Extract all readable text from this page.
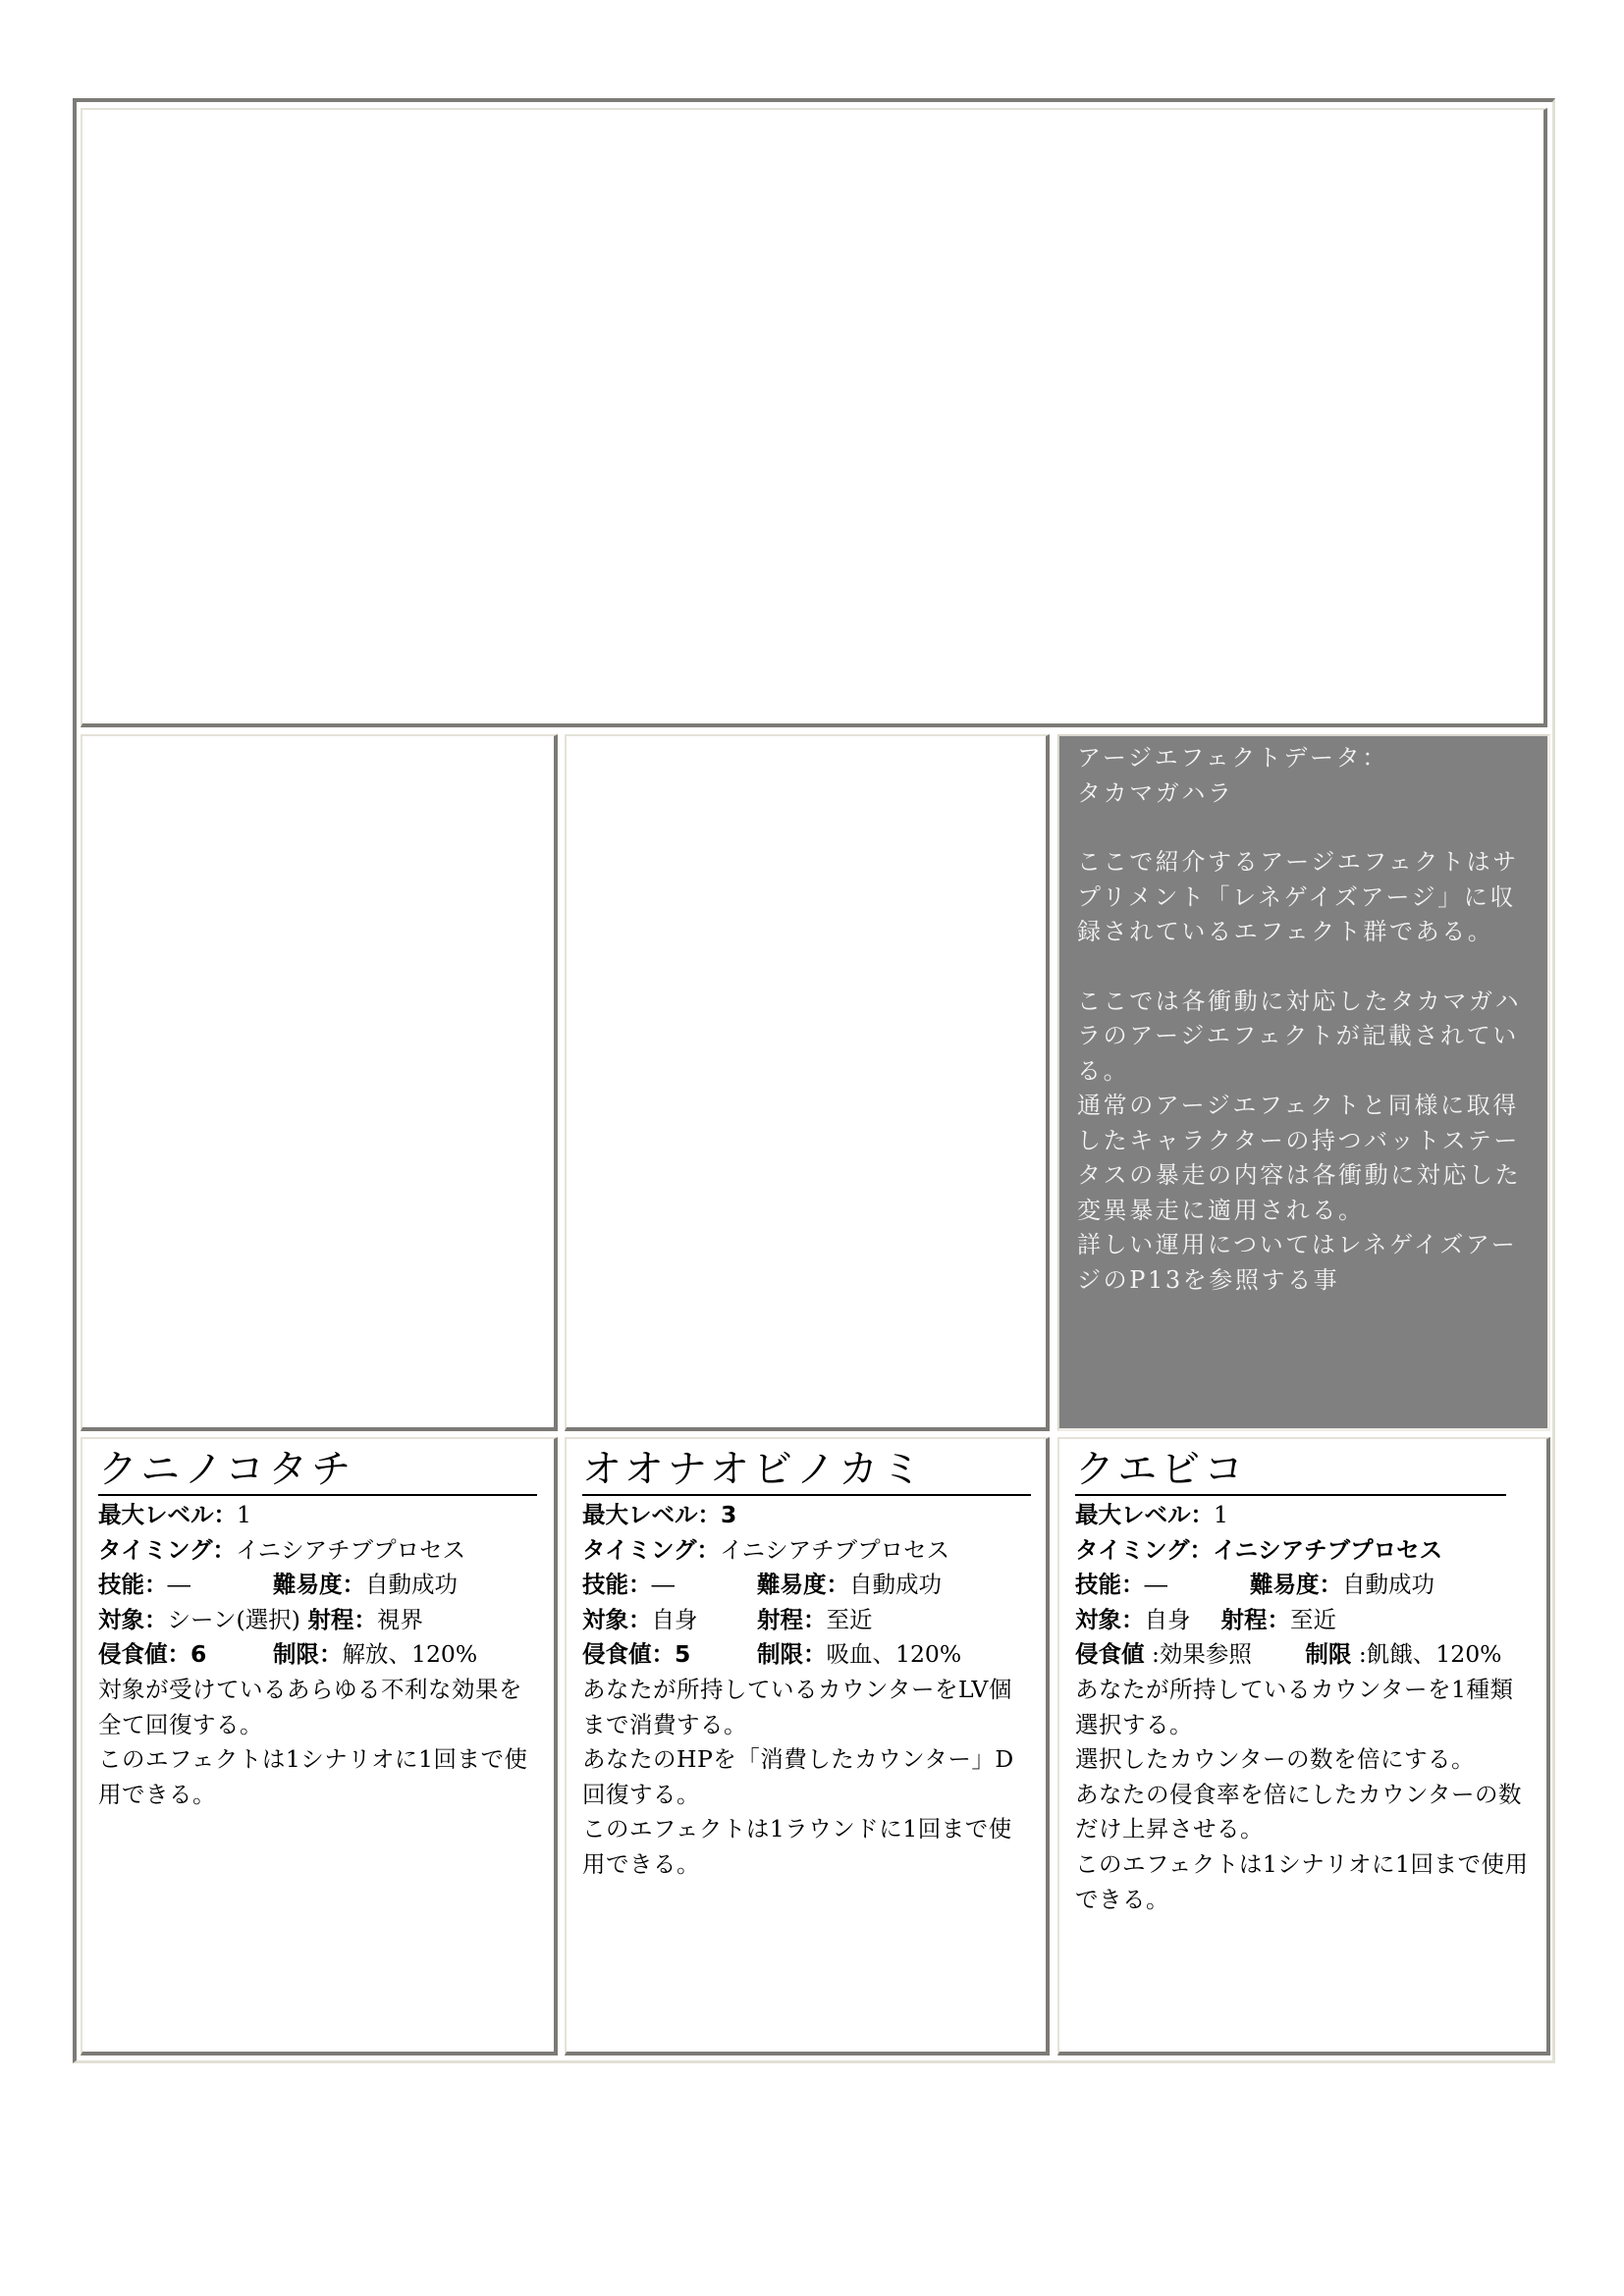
アージエフェクトデータ：

タカマガハラ

ここで紹介するアージエフェクトはサプリメント「レネゲイズアージ」に収録されているエフェクト群である。

ここでは各衝動に対応したタカマガハラのアージエフェクトが記載されている。

通常のアージエフェクトと同様に取得したキャラクターの持つバットステータスの暴走の内容は各衝動に対応した変異暴走に適用される。

詳しい運用についてはレネゲイズアージのP13を参照する事

クニノコタチ
最大レベル：1
タイミング：イニシアチブプロセス
技能：―	難易度：自動成功
対象：シーン(選択) 射程：視界
侵食値：6	制限：解放、120%

対象が受けているあらゆる不利な効果を全て回復する。

このエフェクトは1シナリオに1回まで使用できる。

オオナオビノカミ
最大レベル：3
タイミング：イニシアチブプロセス
技能：―	難易度：自動成功
対象：自身	射程：至近
侵食値：5	制限：吸血、120%

あなたが所持しているカウンターをLV個まで消費する。

あなたのHPを「消費したカウンター」D回復する。

このエフェクトは1ラウンドに1回まで使用できる。

クエビコ
最大レベル：1
タイミング：イニシアチブプロセス
技能：―	難易度：自動成功
対象：自身　 射程：至近
侵食値 :効果参照　　 制限 :飢餓、120%

あなたが所持しているカウンターを1種類選択する。

選択したカウンターの数を倍にする。

あなたの侵食率を倍にしたカウンターの数だけ上昇させる。

このエフェクトは1シナリオに1回まで使用できる。
